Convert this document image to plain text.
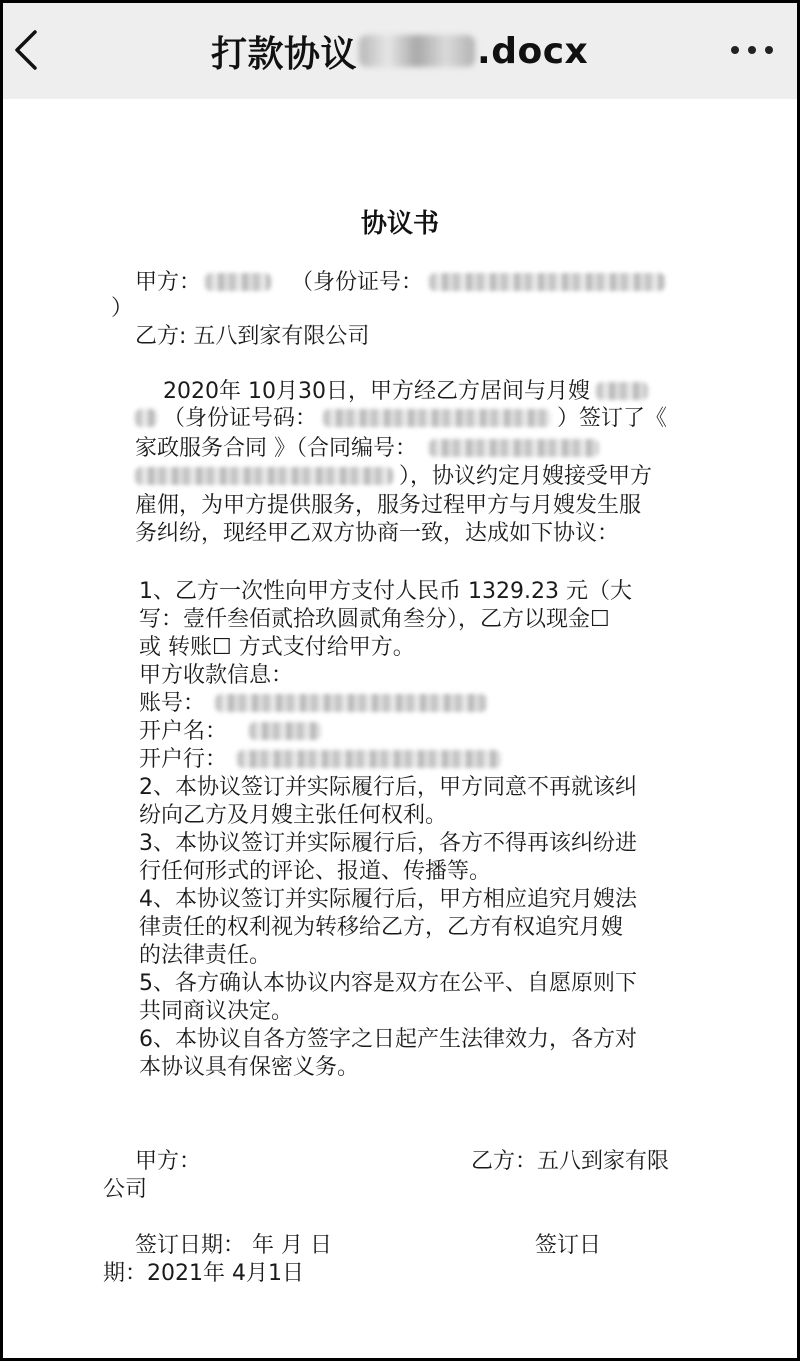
打款协议	.docx
协议书
甲方：	（身份证号：
）
乙方: 五八到家有限公司
2020年 10月30日，甲方经乙方居间与月嫂
（身份证号码：	）签订了《
家政服务合同 》（合同编号：
），协议约定月嫂接受甲方
雇佣，为甲方提供服务，服务过程甲方与月嫂发生服
务纠纷，现经甲乙双方协商一致，达成如下协议：
1、乙方一次性向甲方支付人民币 1329.23 元（大
写：壹仟叁佰贰拾玖圆贰角叁分），乙方以现金☐
或 转账☐ 方式支付给甲方。
甲方收款信息：
账号：
开户名：
开户行：
2、本协议签订并实际履行后，甲方同意不再就该纠
纷向乙方及月嫂主张任何权利。
3、本协议签订并实际履行后，各方不得再该纠纷进
行任何形式的评论、报道、传播等。
4、本协议签订并实际履行后，甲方相应追究月嫂法
律责任的权利视为转移给乙方，乙方有权追究月嫂
的法律责任。
5、各方确认本协议内容是双方在公平、自愿原则下
共同商议决定。
6、本协议自各方签字之日起产生法律效力，各方对
本协议具有保密义务。
甲方：	乙方：五八到家有限
公司
签订日期： 年 月 日	签订日
期：2021年 4月1日
